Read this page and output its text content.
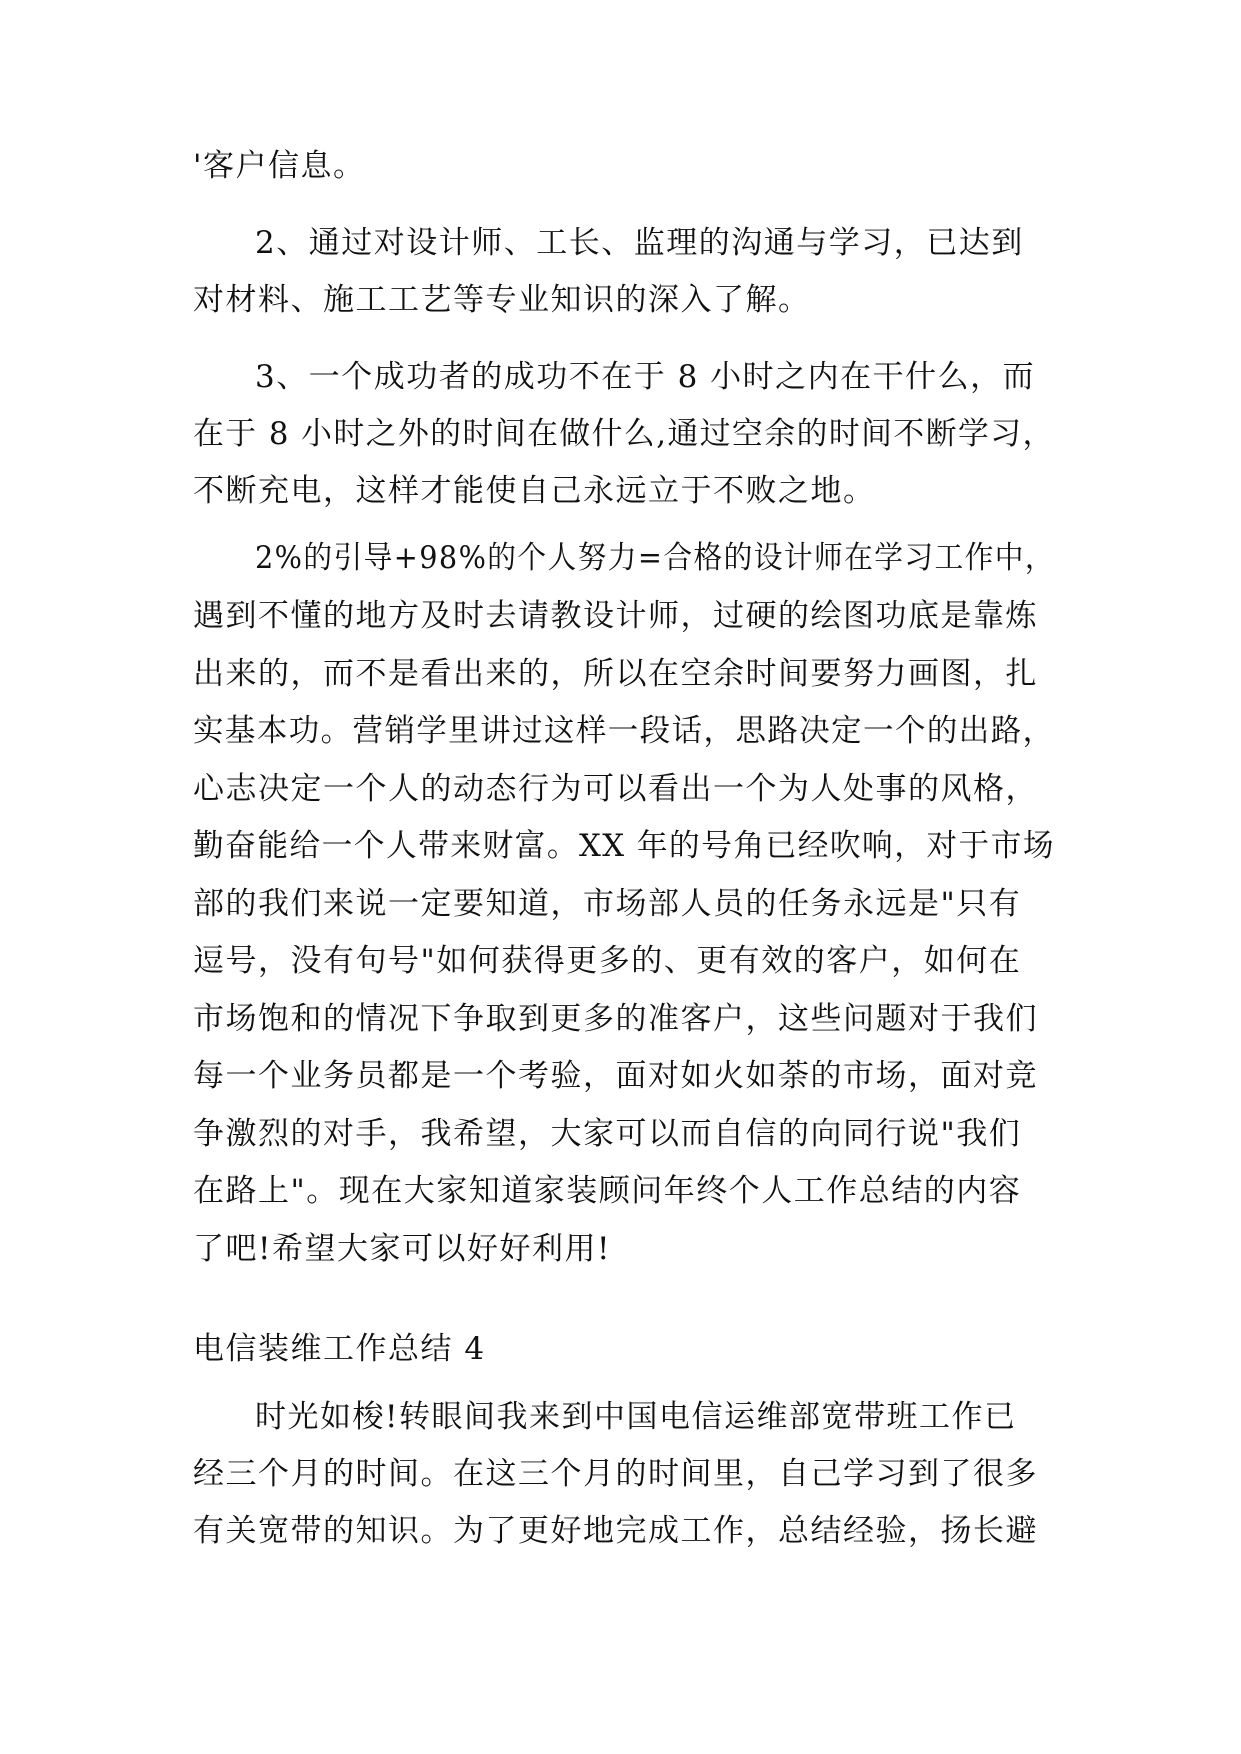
'客户信息。
2、通过对设计师、工长、监理的沟通与学习，已达到
对材料、施工工艺等专业知识的深入了解。
3、一个成功者的成功不在于 8 小时之内在干什么，而
在于 8 小时之外的时间在做什么,通过空余的时间不断学习，
不断充电，这样才能使自己永远立于不败之地。
2%的引导+98%的个人努力=合格的设计师在学习工作中，
遇到不懂的地方及时去请教设计师，过硬的绘图功底是靠炼
出来的，而不是看出来的，所以在空余时间要努力画图，扎
实基本功。营销学里讲过这样一段话，思路决定一个的出路，
心志决定一个人的动态行为可以看出一个为人处事的风格，
勤奋能给一个人带来财富。XX 年的号角已经吹响，对于市场
部的我们来说一定要知道，市场部人员的任务永远是"只有
逗号，没有句号"如何获得更多的、更有效的客户，如何在
市场饱和的情况下争取到更多的准客户，这些问题对于我们
每一个业务员都是一个考验，面对如火如荼的市场，面对竞
争激烈的对手，我希望，大家可以而自信的向同行说"我们
在路上"。现在大家知道家装顾问年终个人工作总结的内容
了吧!希望大家可以好好利用!
电信装维工作总结 4
时光如梭!转眼间我来到中国电信运维部宽带班工作已
经三个月的时间。在这三个月的时间里，自己学习到了很多
有关宽带的知识。为了更好地完成工作，总结经验，扬长避
